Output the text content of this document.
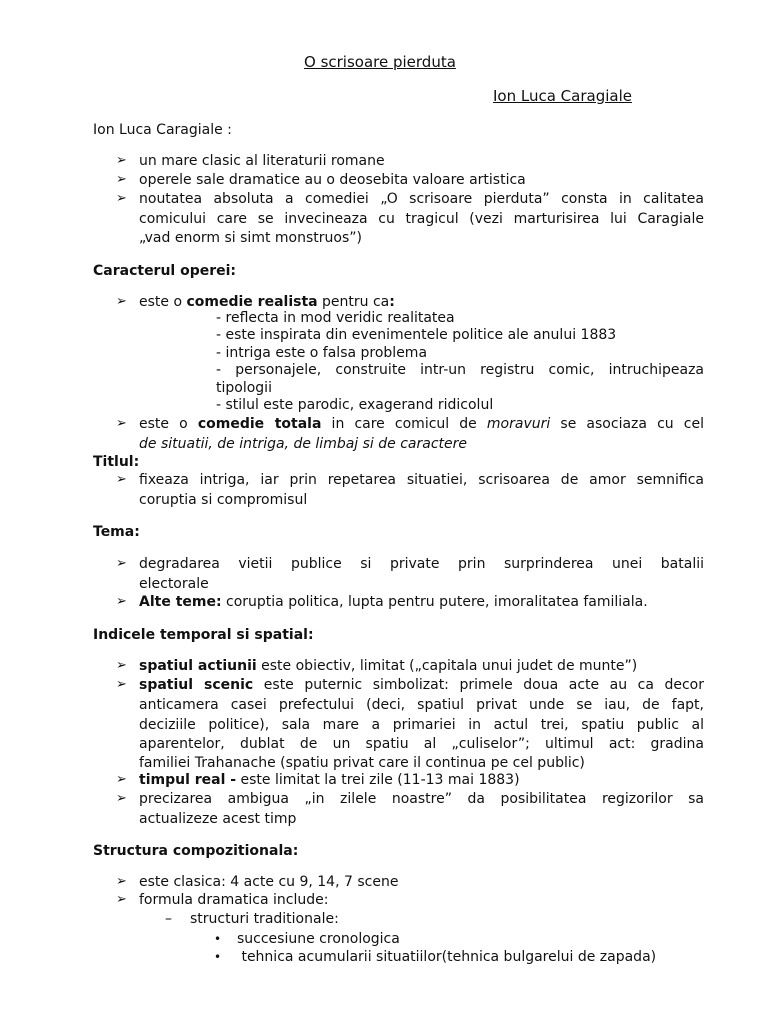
O scrisoare pierduta
Ion Luca Caragiale
Ion Luca Caragiale :
➢ un mare clasic al literaturii romane
➢ operele sale dramatice au o deosebita valoare artistica
➢ noutatea absoluta a comediei „O scrisoare pierduta” consta in calitatea
comicului care se invecineaza cu tragicul (vezi marturisirea lui Caragiale
„vad enorm si simt monstruos”)
Caracterul operei:
➢ este o comedie realista pentru ca:
- reflecta in mod veridic realitatea
- este inspirata din evenimentele politice ale anului 1883
- intriga este o falsa problema
- personajele, construite intr-un registru comic, intruchipeaza
tipologii
- stilul este parodic, exagerand ridicolul
➢ este o comedie totala in care comicul de moravuri se asociaza cu cel
de situatii, de intriga, de limbaj si de caractere
Titlul:
➢ fixeaza intriga, iar prin repetarea situatiei, scrisoarea de amor semnifica
coruptia si compromisul
Tema:
➢ degradarea vietii publice si private prin surprinderea unei batalii
electorale
➢ Alte teme: coruptia politica, lupta pentru putere, imoralitatea familiala.
Indicele temporal si spatial:
➢ spatiul actiunii este obiectiv, limitat („capitala unui judet de munte”)
➢ spatiul scenic este puternic simbolizat: primele doua acte au ca decor
anticamera casei prefectului (deci, spatiul privat unde se iau, de fapt,
deciziile politice), sala mare a primariei in actul trei, spatiu public al
aparentelor, dublat de un spatiu al „culiselor”; ultimul act: gradina
familiei Trahanache (spatiu privat care il continua pe cel public)
➢ timpul real - este limitat la trei zile (11-13 mai 1883)
➢ precizarea ambigua „in zilele noastre” da posibilitatea regizorilor sa
actualizeze acest timp
Structura compozitionala:
➢ este clasica: 4 acte cu 9, 14, 7 scene
➢ formula dramatica include:
– structuri traditionale:
• succesiune cronologica
• tehnica acumularii situatiilor(tehnica bulgarelui de zapada)
